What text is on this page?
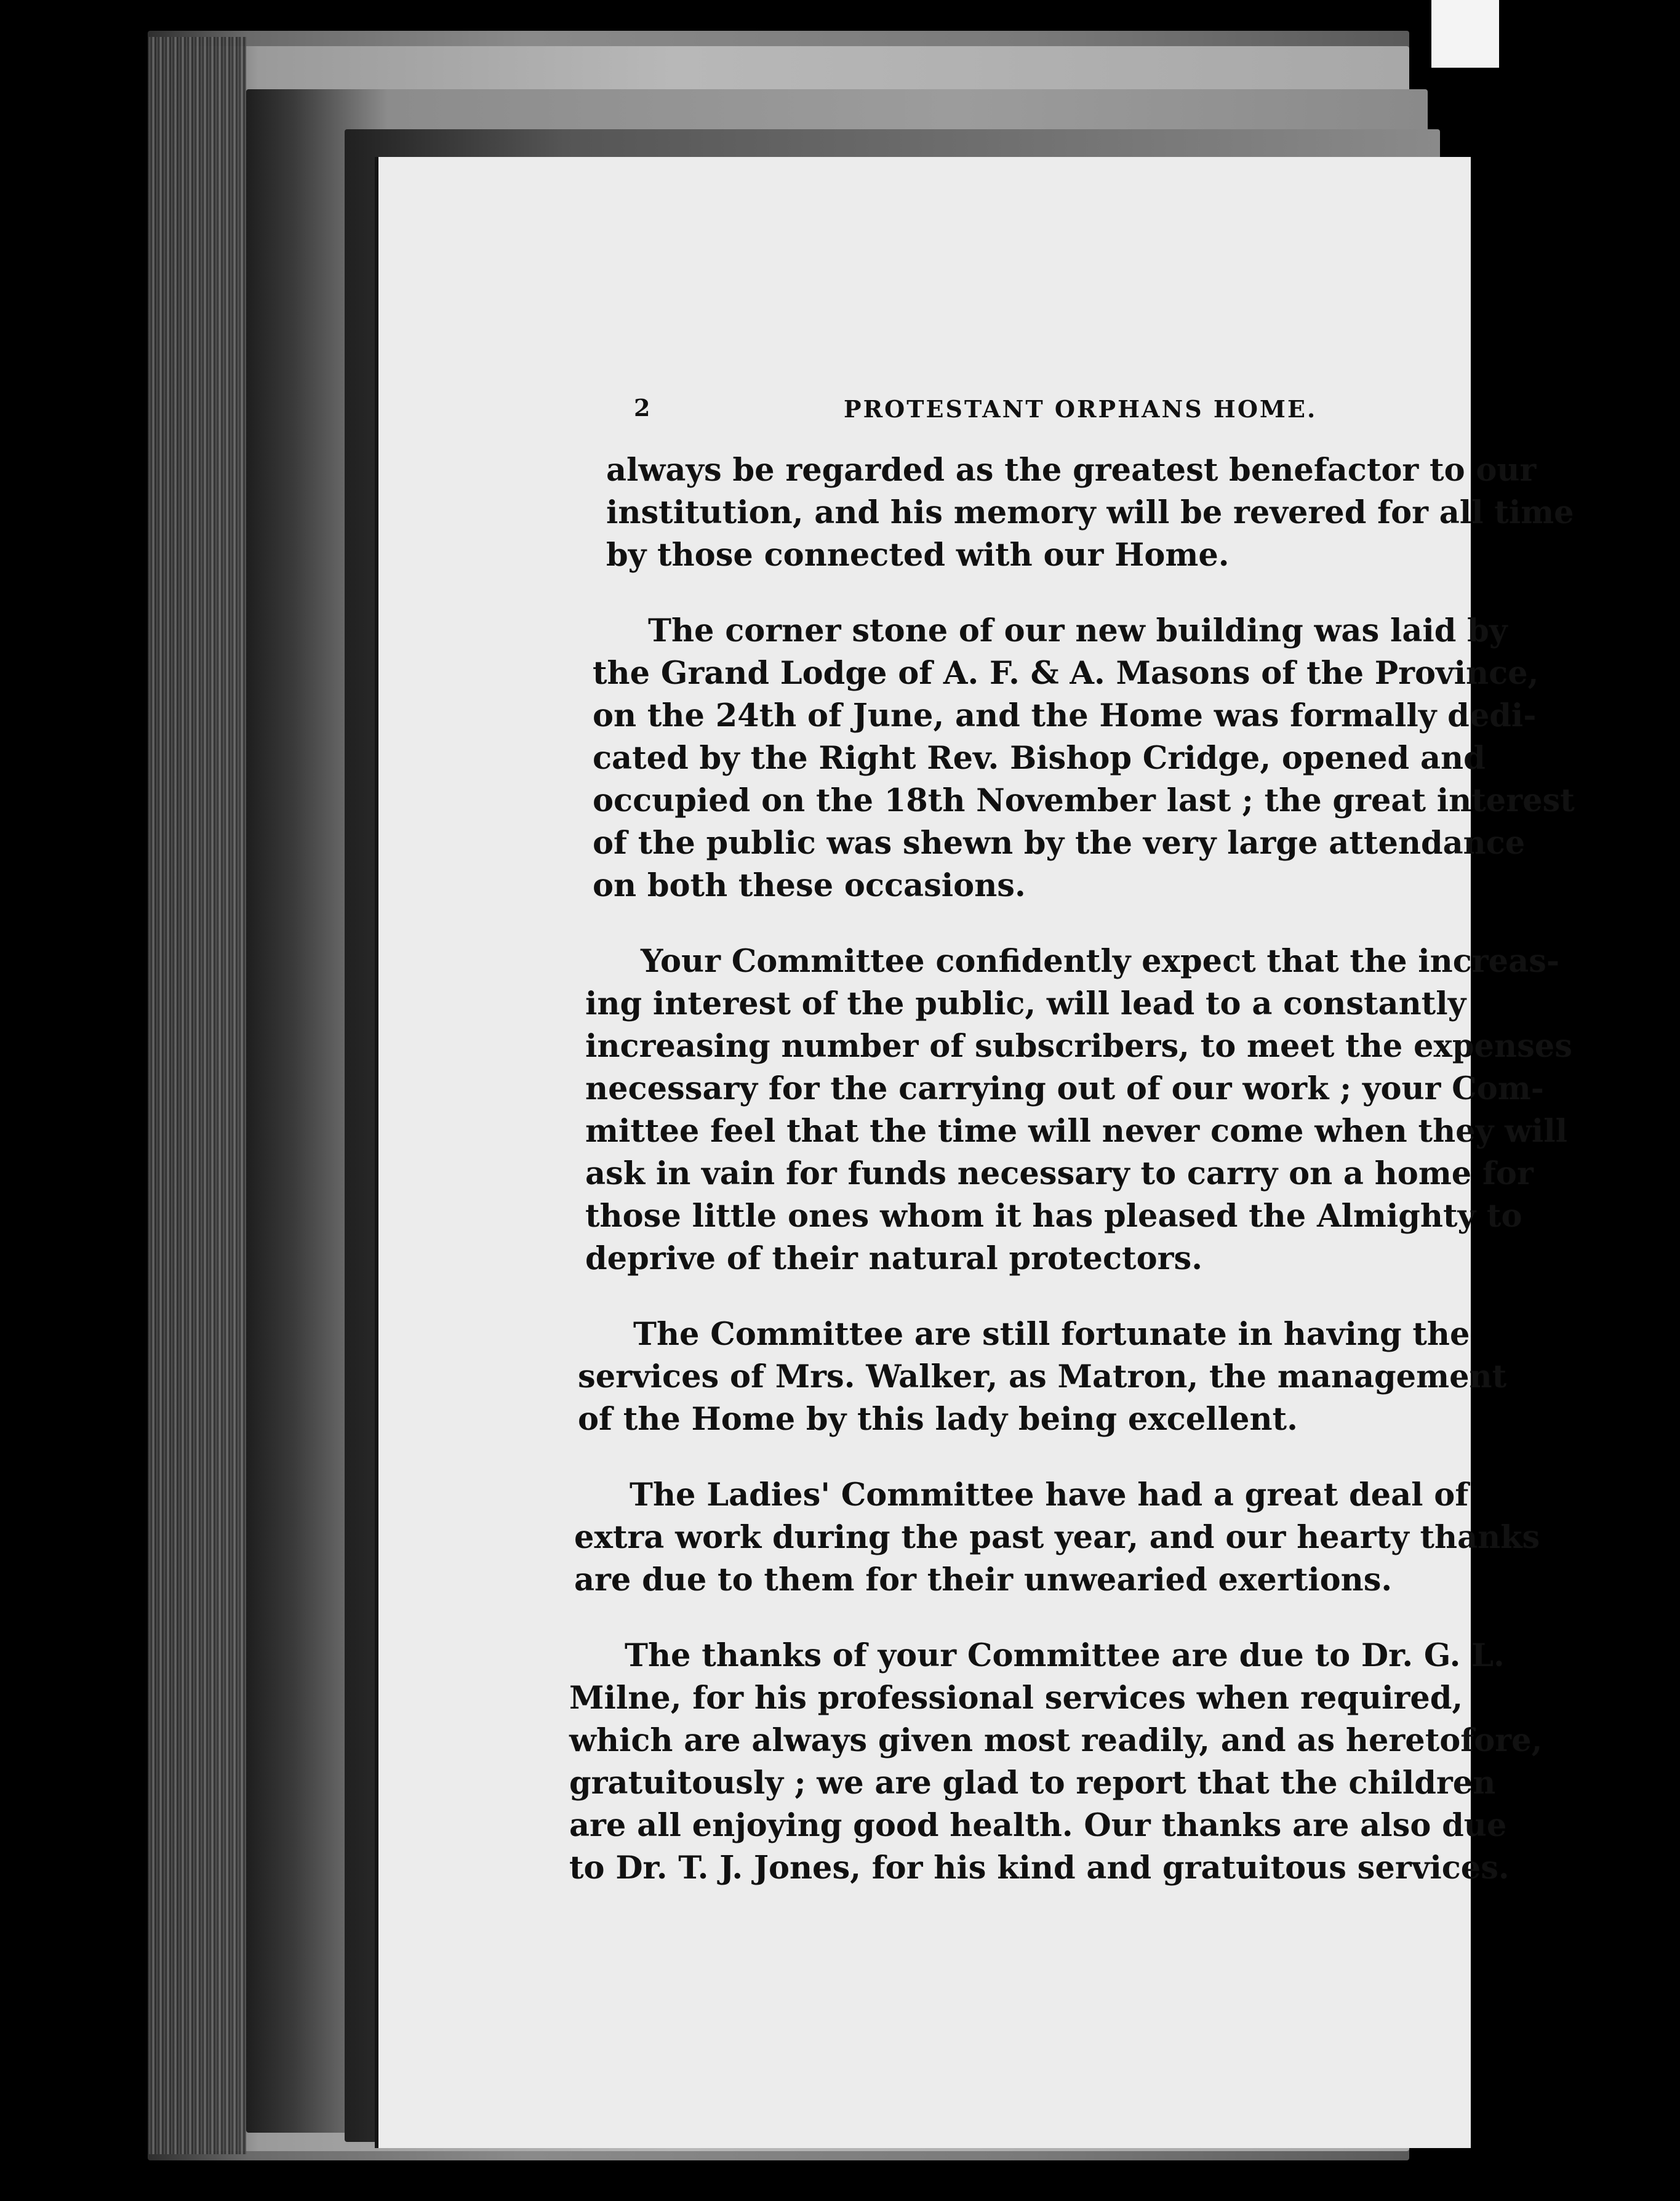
2	PROTESTANT ORPHANS HOME.
always be regarded as the greatest benefactor to our
institution, and his memory will be revered for all time
by those connected with our Home.
The corner stone of our new building was laid by
the Grand Lodge of A. F. & A. Masons of the Province,
on the 24th of June, and the Home was formally dedi-
cated by the Right Rev. Bishop Cridge, opened and
occupied on the 18th November last ; the great interest
of the public was shewn by the very large attendance
on both these occasions.
Your Committee confidently expect that the increas-
ing interest of the public, will lead to a constantly
increasing number of subscribers, to meet the expenses
necessary for the carrying out of our work ; your Com-
mittee feel that the time will never come when they will
ask in vain for funds necessary to carry on a home for
those little ones whom it has pleased the Almighty to
deprive of their natural protectors.
The Committee are still fortunate in having the
services of Mrs. Walker, as Matron, the management
of the Home by this lady being excellent.
The Ladies' Committee have had a great deal of
extra work during the past year, and our hearty thanks
are due to them for their unwearied exertions.
The thanks of your Committee are due to Dr. G. L.
Milne, for his professional services when required,
which are always given most readily, and as heretofore,
gratuitously ; we are glad to report that the children
are all enjoying good health. Our thanks are also due
to Dr. T. J. Jones, for his kind and gratuitous services.
